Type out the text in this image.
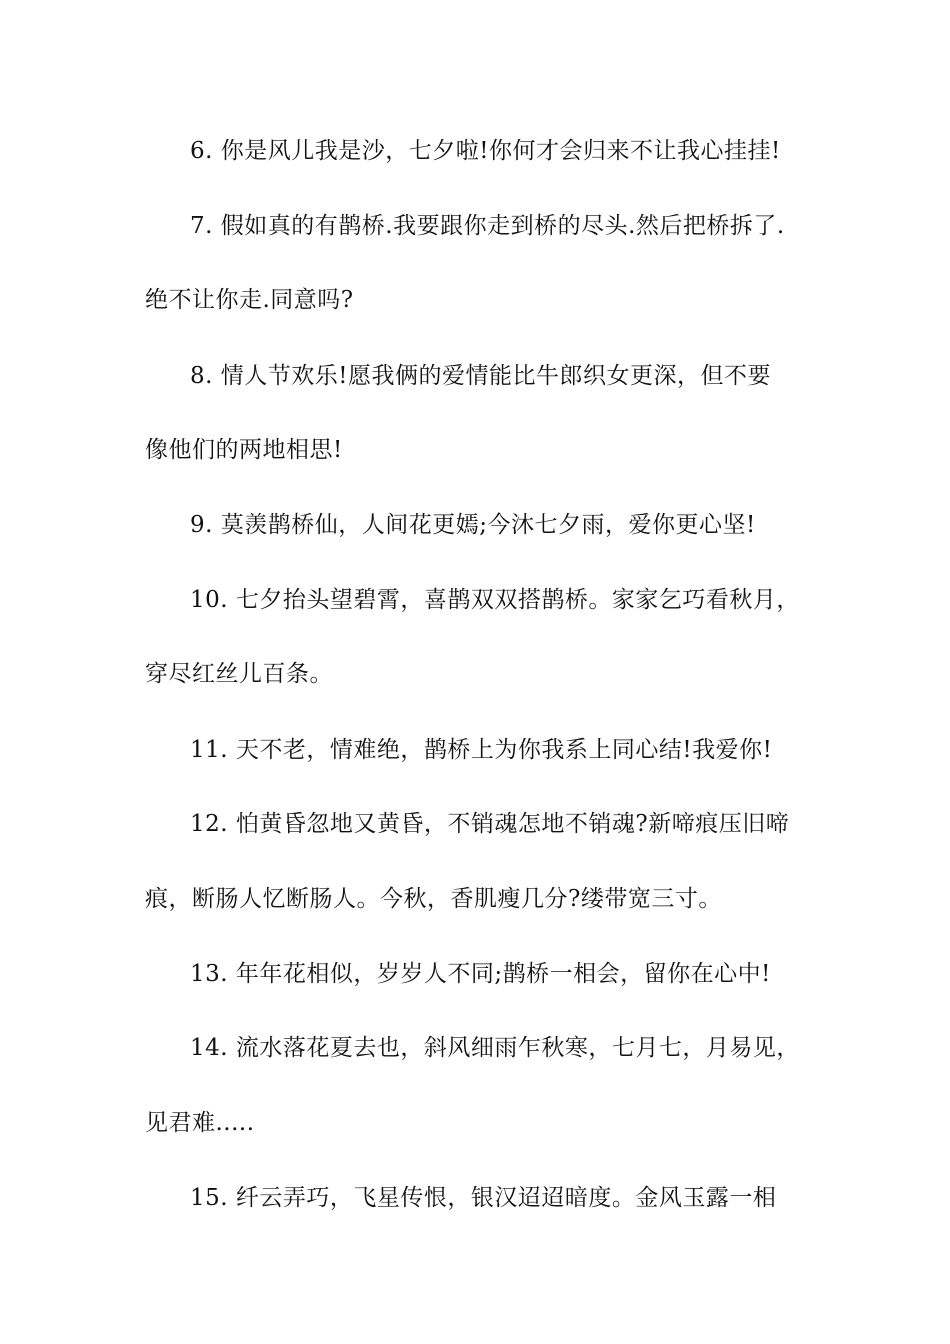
6. 你是风儿我是沙，七夕啦!你何才会归来不让我心挂挂!
7. 假如真的有鹊桥.我要跟你走到桥的尽头.然后把桥拆了.
绝不让你走.同意吗?
8. 情人节欢乐!愿我俩的爱情能比牛郎织女更深，但不要
像他们的两地相思!
9. 莫羡鹊桥仙，人间花更嫣;今沐七夕雨，爱你更心坚!
10. 七夕抬头望碧霄，喜鹊双双搭鹊桥。家家乞巧看秋月，
穿尽红丝儿百条。
11. 天不老，情难绝，鹊桥上为你我系上同心结!我爱你!
12. 怕黄昏忽地又黄昏，不销魂怎地不销魂?新啼痕压旧啼
痕，断肠人忆断肠人。今秋，香肌瘦几分?缕带宽三寸。
13. 年年花相似，岁岁人不同;鹊桥一相会，留你在心中!
14. 流水落花夏去也，斜风细雨乍秋寒，七月七，月易见，
见君难.....
15. 纤云弄巧，飞星传恨，银汉迢迢暗度。金风玉露一相
